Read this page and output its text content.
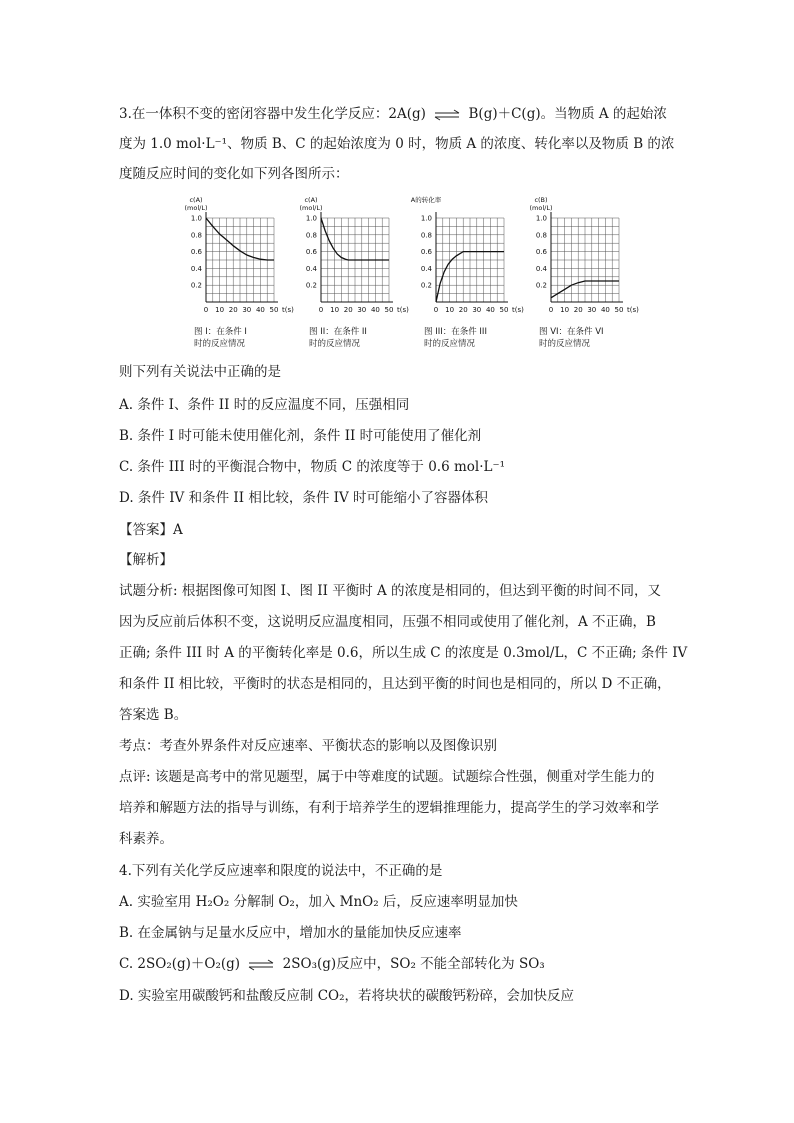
3.在一体积不变的密闭容器中发生化学反应：2A(g) ⇌ B(g)＋C(g)。当物质 A 的起始浓
度为 1.0 mol·L⁻¹、物质 B、C 的起始浓度为 0 时，物质 A 的浓度、转化率以及物质 B 的浓
度随反应时间的变化如下列各图所示：
0.2
0.4
0.6
0.8
1.0
0 10 20 30 40 50 t(s)
c(A)
(mol/L)
图 I：在条件 I
时的反应情况
0.2
0.4
0.6
0.8
1.0
0 10 20 30 40 50 t(s)
c(A)
(mol/L)
图 II：在条件 II
时的反应情况
0.2
0.4
0.6
0.8
1.0
0 10 20 30 40 50 t(s)
A的转化率
图 III：在条件 III
时的反应情况
0.2
0.4
0.6
0.8
1.0
0 10 20 30 40 50 t(s)
c(B)
(mol/L)
图 VI：在条件 VI
时的反应情况
则下列有关说法中正确的是
A. 条件 I、条件 II 时的反应温度不同，压强相同
B. 条件 I 时可能未使用催化剂，条件 II 时可能使用了催化剂
C. 条件 III 时的平衡混合物中，物质 C 的浓度等于 0.6 mol·L⁻¹
D. 条件 IV 和条件 II 相比较，条件 IV 时可能缩小了容器体积
【答案】A
【解析】
试题分析: 根据图像可知图 I、图 II 平衡时 A 的浓度是相同的，但达到平衡的时间不同，又
因为反应前后体积不变，这说明反应温度相同，压强不相同或使用了催化剂，A 不正确，B
正确; 条件 III 时 A 的平衡转化率是 0.6，所以生成 C 的浓度是 0.3mol/L，C 不正确; 条件 IV
和条件 II 相比较，平衡时的状态是相同的，且达到平衡的时间也是相同的，所以 D 不正确，
答案选 B。
考点：考查外界条件对反应速率、平衡状态的影响以及图像识别
点评: 该题是高考中的常见题型，属于中等难度的试题。试题综合性强，侧重对学生能力的
培养和解题方法的指导与训练，有利于培养学生的逻辑推理能力，提高学生的学习效率和学
科素养。
4.下列有关化学反应速率和限度的说法中，不正确的是
A. 实验室用 H₂O₂ 分解制 O₂，加入 MnO₂ 后，反应速率明显加快
B. 在金属钠与足量水反应中，增加水的量能加快反应速率
C. 2SO₂(g)＋O₂(g) ⇌ 2SO₃(g)反应中，SO₂ 不能全部转化为 SO₃
D. 实验室用碳酸钙和盐酸反应制 CO₂，若将块状的碳酸钙粉碎，会加快反应
